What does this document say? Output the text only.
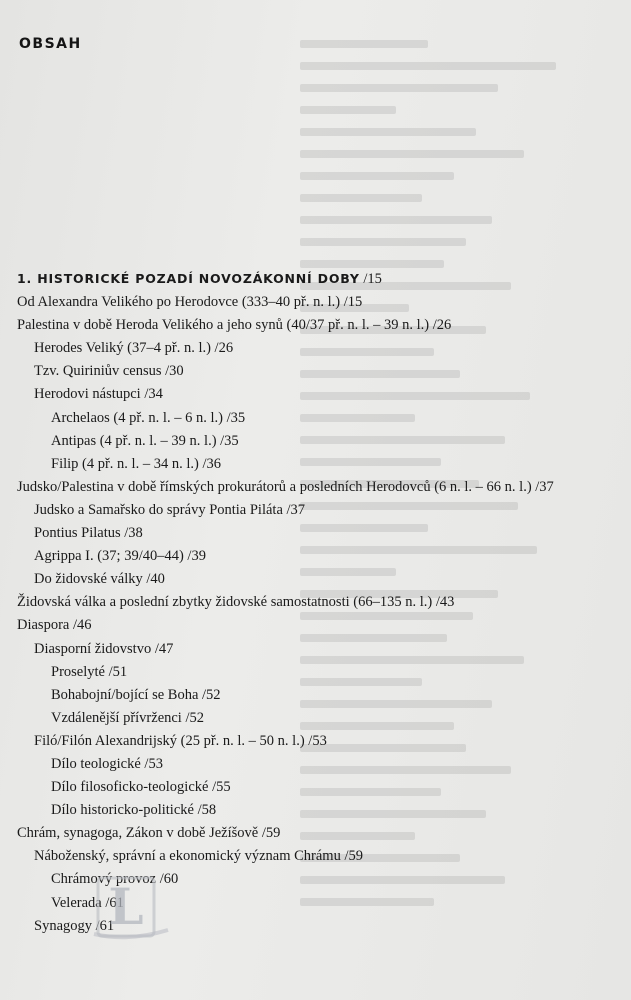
OBSAH
1. HISTORICKÉ POZADÍ NOVOZÁKONNÍ DOBY /15
Od Alexandra Velikého po Herodovce (333–40 př. n. l.) /15
Palestina v době Heroda Velikého a jeho synů (40/37 př. n. l. – 39 n. l.) /26
Herodes Veliký (37–4 př. n. l.) /26
Tzv. Quiriniův census /30
Herodovi nástupci /34
Archelaos (4 př. n. l. – 6 n. l.) /35
Antipas (4 př. n. l. – 39 n. l.) /35
Filip (4 př. n. l. – 34 n. l.) /36
Judsko/Palestina v době římských prokurátorů a posledních Herodovců (6 n. l. – 66 n. l.) /37
Judsko a Samařsko do správy Pontia Piláta /37
Pontius Pilatus /38
Agrippa I. (37; 39/40–44) /39
Do židovské války /40
Židovská válka a poslední zbytky židovské samostatnosti (66–135 n. l.) /43
Diaspora /46
Diasporní židovstvo /47
Proselyté /51
Bohabojní/bojící se Boha /52
Vzdálenější přívrženci /52
Filó/Filón Alexandrijský (25 př. n. l. – 50 n. l.) /53
Dílo teologické /53
Dílo filosoficko-teologické /55
Dílo historicko-politické /58
Chrám, synagoga, Zákon v době Ježíšově /59
Náboženský, správní a ekonomický význam Chrámu /59
Chrámový provoz /60
Velerada /61
Synagogy /61
L
